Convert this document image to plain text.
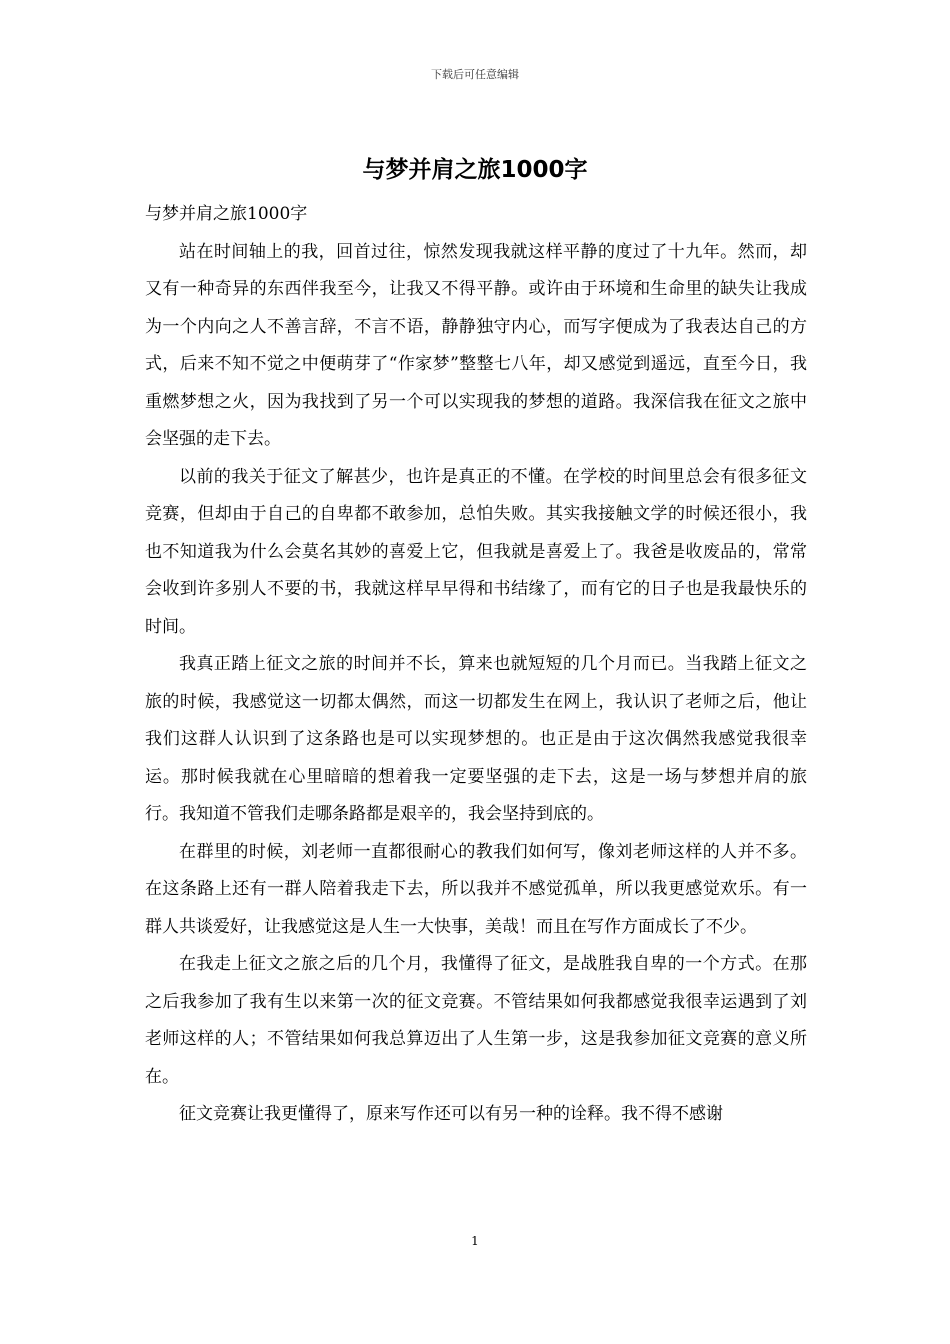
下载后可任意编辑
与梦并肩之旅1000字

与梦并肩之旅1000字

站在时间轴上的我，回首过往，惊然发现我就这样平静的度过了十九年。然而，却又有一种奇异的东西伴我至今，让我又不得平静。或许由于环境和生命里的缺失让我成为一个内向之人不善言辞，不言不语，静静独守内心，而写字便成为了我表达自己的方式，后来不知不觉之中便萌芽了“作家梦”整整七八年，却又感觉到遥远，直至今日，我重燃梦想之火，因为我找到了另一个可以实现我的梦想的道路。我深信我在征文之旅中会坚强的走下去。

以前的我关于征文了解甚少，也许是真正的不懂。在学校的时间里总会有很多征文竞赛，但却由于自己的自卑都不敢参加，总怕失败。其实我接触文学的时候还很小，我也不知道我为什么会莫名其妙的喜爱上它，但我就是喜爱上了。我爸是收废品的，常常会收到许多别人不要的书，我就这样早早得和书结缘了，而有它的日子也是我最快乐的时间。

我真正踏上征文之旅的时间并不长，算来也就短短的几个月而已。当我踏上征文之旅的时候，我感觉这一切都太偶然，而这一切都发生在网上，我认识了老师之后，他让我们这群人认识到了这条路也是可以实现梦想的。也正是由于这次偶然我感觉我很幸运。那时候我就在心里暗暗的想着我一定要坚强的走下去，这是一场与梦想并肩的旅行。我知道不管我们走哪条路都是艰辛的，我会坚持到底的。

在群里的时候，刘老师一直都很耐心的教我们如何写，像刘老师这样的人并不多。在这条路上还有一群人陪着我走下去，所以我并不感觉孤单，所以我更感觉欢乐。有一群人共谈爱好，让我感觉这是人生一大快事，美哉！而且在写作方面成长了不少。

在我走上征文之旅之后的几个月，我懂得了征文，是战胜我自卑的一个方式。在那之后我参加了我有生以来第一次的征文竞赛。不管结果如何我都感觉我很幸运遇到了刘老师这样的人；不管结果如何我总算迈出了人生第一步，这是我参加征文竞赛的意义所在。

征文竞赛让我更懂得了，原来写作还可以有另一种的诠释。我不得不感谢

1
